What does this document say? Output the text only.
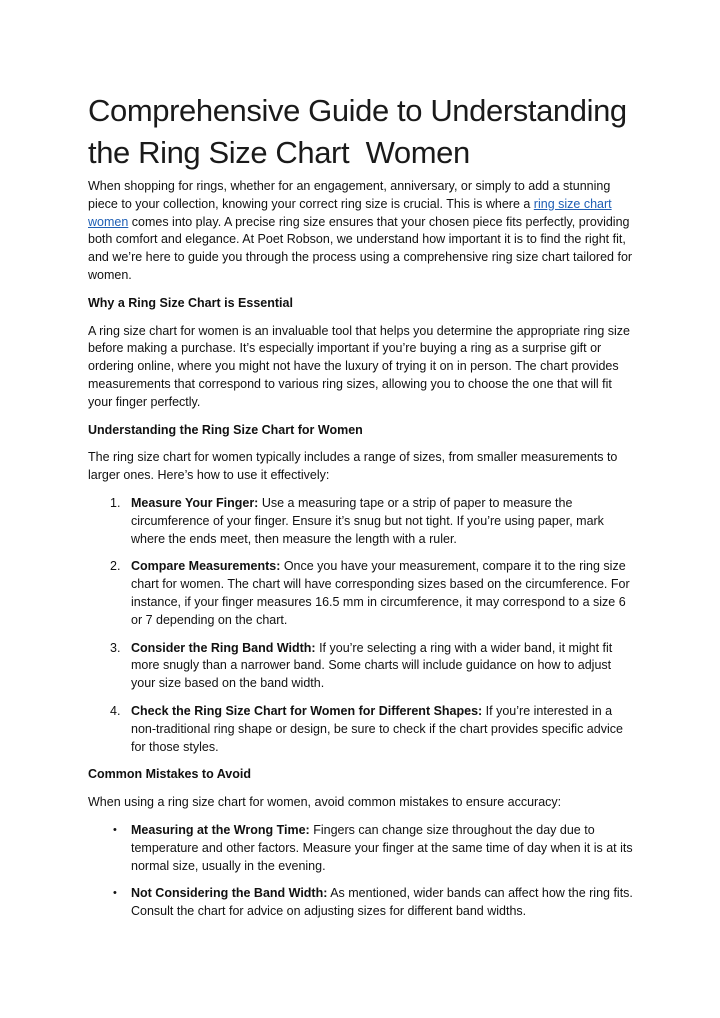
Comprehensive Guide to Understanding
the Ring Size Chart  Women

When shopping for rings, whether for an engagement, anniversary, or simply to add a stunning piece to your collection, knowing your correct ring size is crucial. This is where a ring size chart women comes into play. A precise ring size ensures that your chosen piece fits perfectly, providing both comfort and elegance. At Poet Robson, we understand how important it is to find the right fit, and we’re here to guide you through the process using a comprehensive ring size chart tailored for women.

Why a Ring Size Chart is Essential

A ring size chart for women is an invaluable tool that helps you determine the appropriate ring size before making a purchase. It’s especially important if you’re buying a ring as a surprise gift or ordering online, where you might not have the luxury of trying it on in person. The chart provides measurements that correspond to various ring sizes, allowing you to choose the one that will fit your finger perfectly.

Understanding the Ring Size Chart for Women

The ring size chart for women typically includes a range of sizes, from smaller measurements to larger ones. Here’s how to use it effectively:

1. Measure Your Finger: Use a measuring tape or a strip of paper to measure the circumference of your finger. Ensure it’s snug but not tight. If you’re using paper, mark where the ends meet, then measure the length with a ruler.
2. Compare Measurements: Once you have your measurement, compare it to the ring size chart for women. The chart will have corresponding sizes based on the circumference. For instance, if your finger measures 16.5 mm in circumference, it may correspond to a size 6 or 7 depending on the chart.
3. Consider the Ring Band Width: If you’re selecting a ring with a wider band, it might fit more snugly than a narrower band. Some charts will include guidance on how to adjust your size based on the band width.
4. Check the Ring Size Chart for Women for Different Shapes: If you’re interested in a non-traditional ring shape or design, be sure to check if the chart provides specific advice for those styles.

Common Mistakes to Avoid

When using a ring size chart for women, avoid common mistakes to ensure accuracy:

• Measuring at the Wrong Time: Fingers can change size throughout the day due to temperature and other factors. Measure your finger at the same time of day when it is at its normal size, usually in the evening.
• Not Considering the Band Width: As mentioned, wider bands can affect how the ring fits. Consult the chart for advice on adjusting sizes for different band widths.
